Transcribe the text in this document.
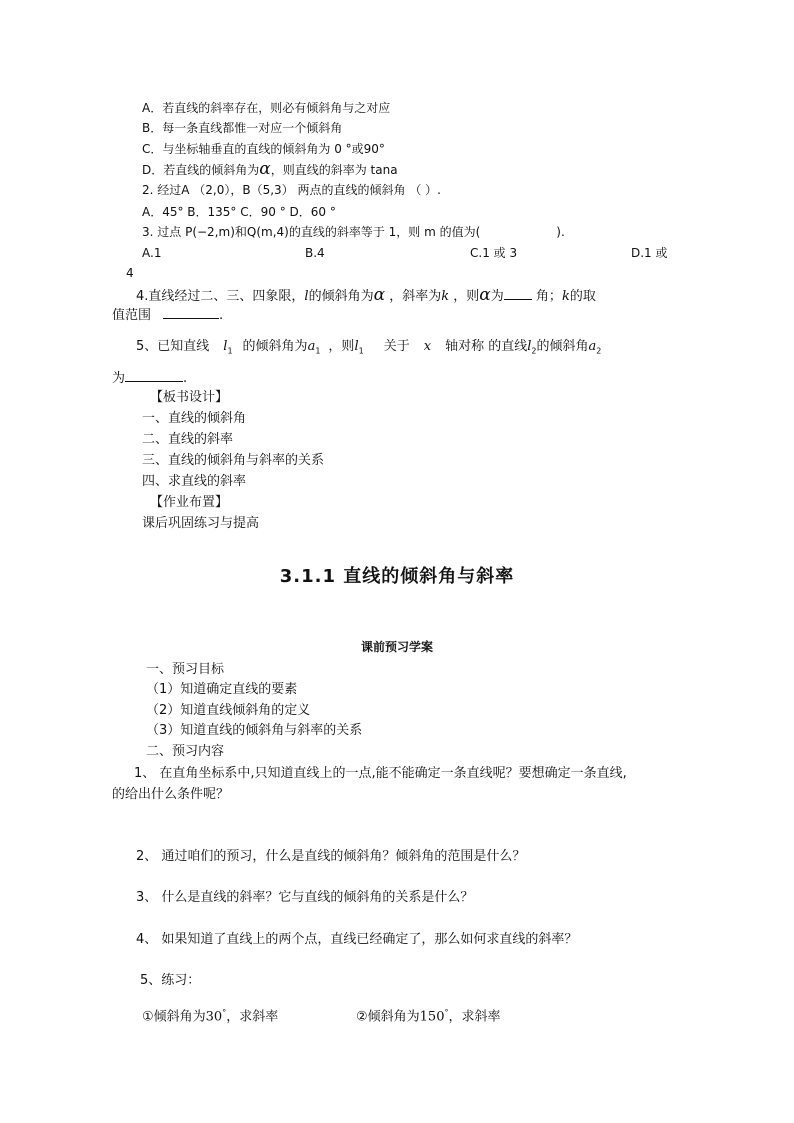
A．若直线的斜率存在，则必有倾斜角与之对应
B．每一条直线都惟一对应一个倾斜角
C．与坐标轴垂直的直线的倾斜角为 0 °或90°
D．若直线的倾斜角为α，则直线的斜率为 tana
2. 经过A （2,0），B（5,3） 两点的直线的倾斜角 （ ）.
A．45° B．135° C．90 ° D．60 °
3. 过点 P(−2,m)和Q(m,4)的直线的斜率等于 1，则 m 的值为(	).
A.1	B.4	C.1 或 3	D.1 或
4
4.直线经过二、三、四象限，l的倾斜角为α ，斜率为k ，则α为 角；k的取
值范围	.
5、已知直线 $l_1$ 的倾斜角为$a_1$ ，则$l_1$ 关于 x 轴对称 的直线$l_2$的倾斜角$a_2$
为	.
【板书设计】
一、直线的倾斜角
二、直线的斜率
三、直线的倾斜角与斜率的关系
四、求直线的斜率
【作业布置】
课后巩固练习与提高
3.1.1 直线的倾斜角与斜率
课前预习学案
一、预习目标
（1）知道确定直线的要素
（2）知道直线倾斜角的定义
（3）知道直线的倾斜角与斜率的关系
二、预习内容
1、 在直角坐标系中,只知道直线上的一点,能不能确定一条直线呢？要想确定一条直线,
的给出什么条件呢？
2、 通过咱们的预习，什么是直线的倾斜角？倾斜角的范围是什么？
3、 什么是直线的斜率？它与直线的倾斜角的关系是什么？
4、 如果知道了直线上的两个点，直线已经确定了，那么如何求直线的斜率？
5、练习：
①倾斜角为30°，求斜率	②倾斜角为150°，求斜率
